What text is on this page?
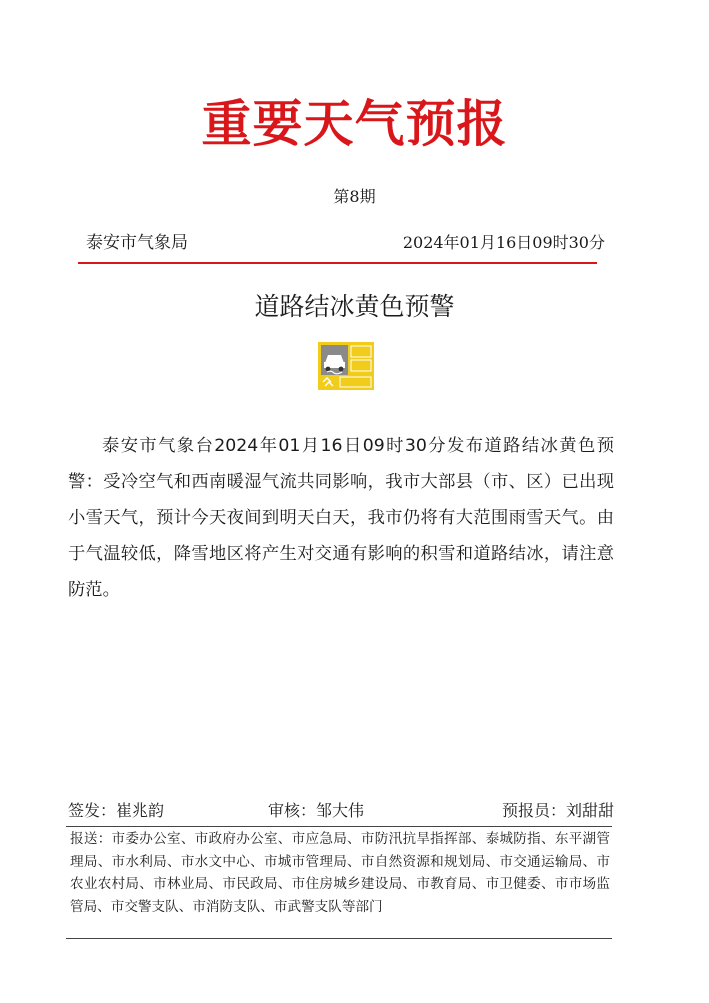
重要天气预报
第8期
泰安市气象局	2024年01月16日09时30分
道路结冰黄色预警
泰安市气象台2024年01月16日09时30分发布道路结冰黄色预警：受冷空气和西南暖湿气流共同影响，我市大部县（市、区）已出现小雪天气，预计今天夜间到明天白天，我市仍将有大范围雨雪天气。由于气温较低，降雪地区将产生对交通有影响的积雪和道路结冰，请注意防范。
签发：崔兆韵	审核：邹大伟	预报员：刘甜甜
报送：市委办公室、市政府办公室、市应急局、市防汛抗旱指挥部、泰城防指、东平湖管理局、市水利局、市水文中心、市城市管理局、市自然资源和规划局、市交通运输局、市农业农村局、市林业局、市民政局、市住房城乡建设局、市教育局、市卫健委、市市场监管局、市交警支队、市消防支队、市武警支队等部门
